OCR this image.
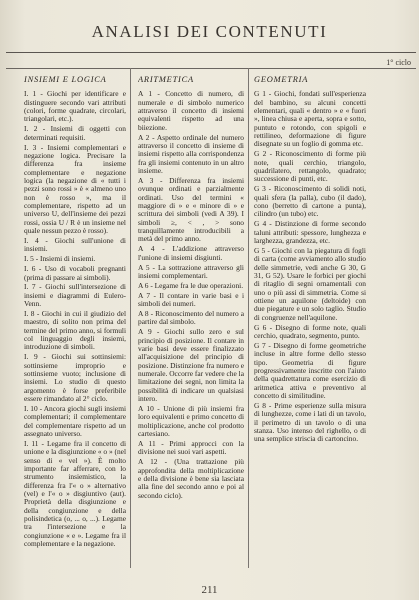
ANALISI DEI CONTENUTI
1° ciclo
INSIEMI E LOGICA

I. 1 - Giochi per identificare e distinguere secondo vari attributi (colori, forme quadrate, circolari, triangolari, etc.).

I. 2 - Insiemi di oggetti con determinati requisiti.

I. 3 - Insiemi complementari e negazione logica. Precisare la differenza fra insieme complementare e negazione logica (la negazione di « tutti i pezzi sono rossi » è « almeno uno non è rosso », ma il complementare, rispetto ad un universo U, dell'insieme dei pezzi rossi, ossia U / R è un insieme nel quale nessun pezzo è rosso).

I. 4 - Giochi sull'unione di insiemi.

I. 5 - Insiemi di insiemi.

I. 6 - Uso di vocaboli pregnanti (prima di passare ai simboli).

I. 7 - Giochi sull'intersezione di insiemi e diagrammi di Eulero-Venn.

I. 8 - Giochi in cui il giudizio del maestro, di solito non prima del termine del primo anno, si formuli col linguaggio degli insiemi, introduzione di simboli.

I. 9 - Giochi sui sottinsiemi: sottinsieme improprio e sottinsieme vuoto; inclusione di insiemi. Lo studio di questo argomento è forse preferibile essere rimandato al 2° ciclo.

I. 10 - Ancora giochi sugli insiemi complementari; il complementare del complementare rispetto ad un assegnato universo.

I. 11 - Legame fra il concetto di unione e la disgiunzione « o » (nel senso di « vel »). È molto importante far afferrare, con lo strumento insiemistico, la differenza fra l'« o » alternativo (vel) e l'« o » disgiuntivo (aut). Proprietà della disgiunzione e della congiunzione e della polisindetica (o, ... o, ...). Legame tra l'intersezione e la congiunzione « e ». Legame fra il complementare e la negazione.

ARITMETICA

A 1 - Concetto di numero, di numerale e di simbolo numerico attraverso il concetto di insiemi equivalenti rispetto ad una biiezione.

A 2 - Aspetto ordinale del numero attraverso il concetto di insieme di insiemi rispetto alla corrispondenza fra gli insiemi contenuto in un altro insieme.

A 3 - Differenza fra insiemi ovunque ordinati e parzialmente ordinati. Uso del termini « maggiore di » e « minore di » e scrittura dei simboli (vedi A 39). I simboli ≥, < , > sono tranquillamente introducibili a metà del primo anno.

A 4 - L'addizione attraverso l'unione di insiemi disgiunti.

A 5 - La sottrazione attraverso gli insiemi complementari.

A 6 - Legame fra le due operazioni.

A 7 - Il contare in varie basi e i simboli dei numeri.

A 8 - Riconoscimento del numero a partire dal simbolo.

A 9 - Giochi sullo zero e sul principio di posizione. Il contare in varie basi deve essere finalizzato all'acquisizione del principio di posizione. Distinzione fra numero e numerale. Occorre far vedere che la limitazione dei segni, non limita la possibilità di indicare un qualsiasi intero.

A 10 - Unione di più insiemi fra loro equivalenti e primo concetto di moltiplicazione, anche col prodotto cartesiano.

A 11 - Primi approcci con la divisione nei suoi vari aspetti.

A 12 - (Una trattazione più approfondita della moltiplicazione e della divisione è bene sia lasciata alla fine del secondo anno e poi al secondo ciclo).

GEOMETRIA

G 1 - Giochi, fondati sull'esperienza del bambino, su alcuni concetti elementari, quali « dentro » e « fuori », linea chiusa e aperta, sopra e sotto, puntuto e rotondo, con spigoli e rettilineo, deformazione di figure disegnate su un foglio di gomma etc.

G 2 - Riconoscimento di forme più note, quali cerchio, triangolo, quadrilatero, rettangolo, quadrato; successione di punti, etc.

G 3 - Riconoscimento di solidi noti, quali sfera (la palla), cubo (il dado), cono (berretto di cartone a punta), cilindro (un tubo) etc.

G 4 - Distinzione di forme secondo taluni attributi: spessore, lunghezza e larghezza, grandezza, etc.

G 5 - Giochi con la piegatura di fogli di carta (come avviamento allo studio delle simmetrie, vedi anche G 30, G 31, G 52). Usare le forbici per giochi di ritaglio di segni ornamentali con uno o più assi di simmetria. Come si ottiene un aquilone (deltoide) con due piegature e un solo taglio. Studio di congruenze nell'aquilone.

G 6 - Disegno di forme note, quali cerchio, quadrato, segmento, punto.

G 7 - Disegno di forme geometriche incluse in altre forme dello stesso tipo. Geometria di figure progressivamente inscritte con l'aiuto della quadrettatura come esercizio di aritmetica attiva e preventivo al concetto di similitudine.

G 8 - Prime esperienze sulla misura di lunghezze, come i lati di un tavolo, il perimetro di un tavolo o di una stanza. Uso intenso del righello, o di una semplice striscia di cartoncino.

211
